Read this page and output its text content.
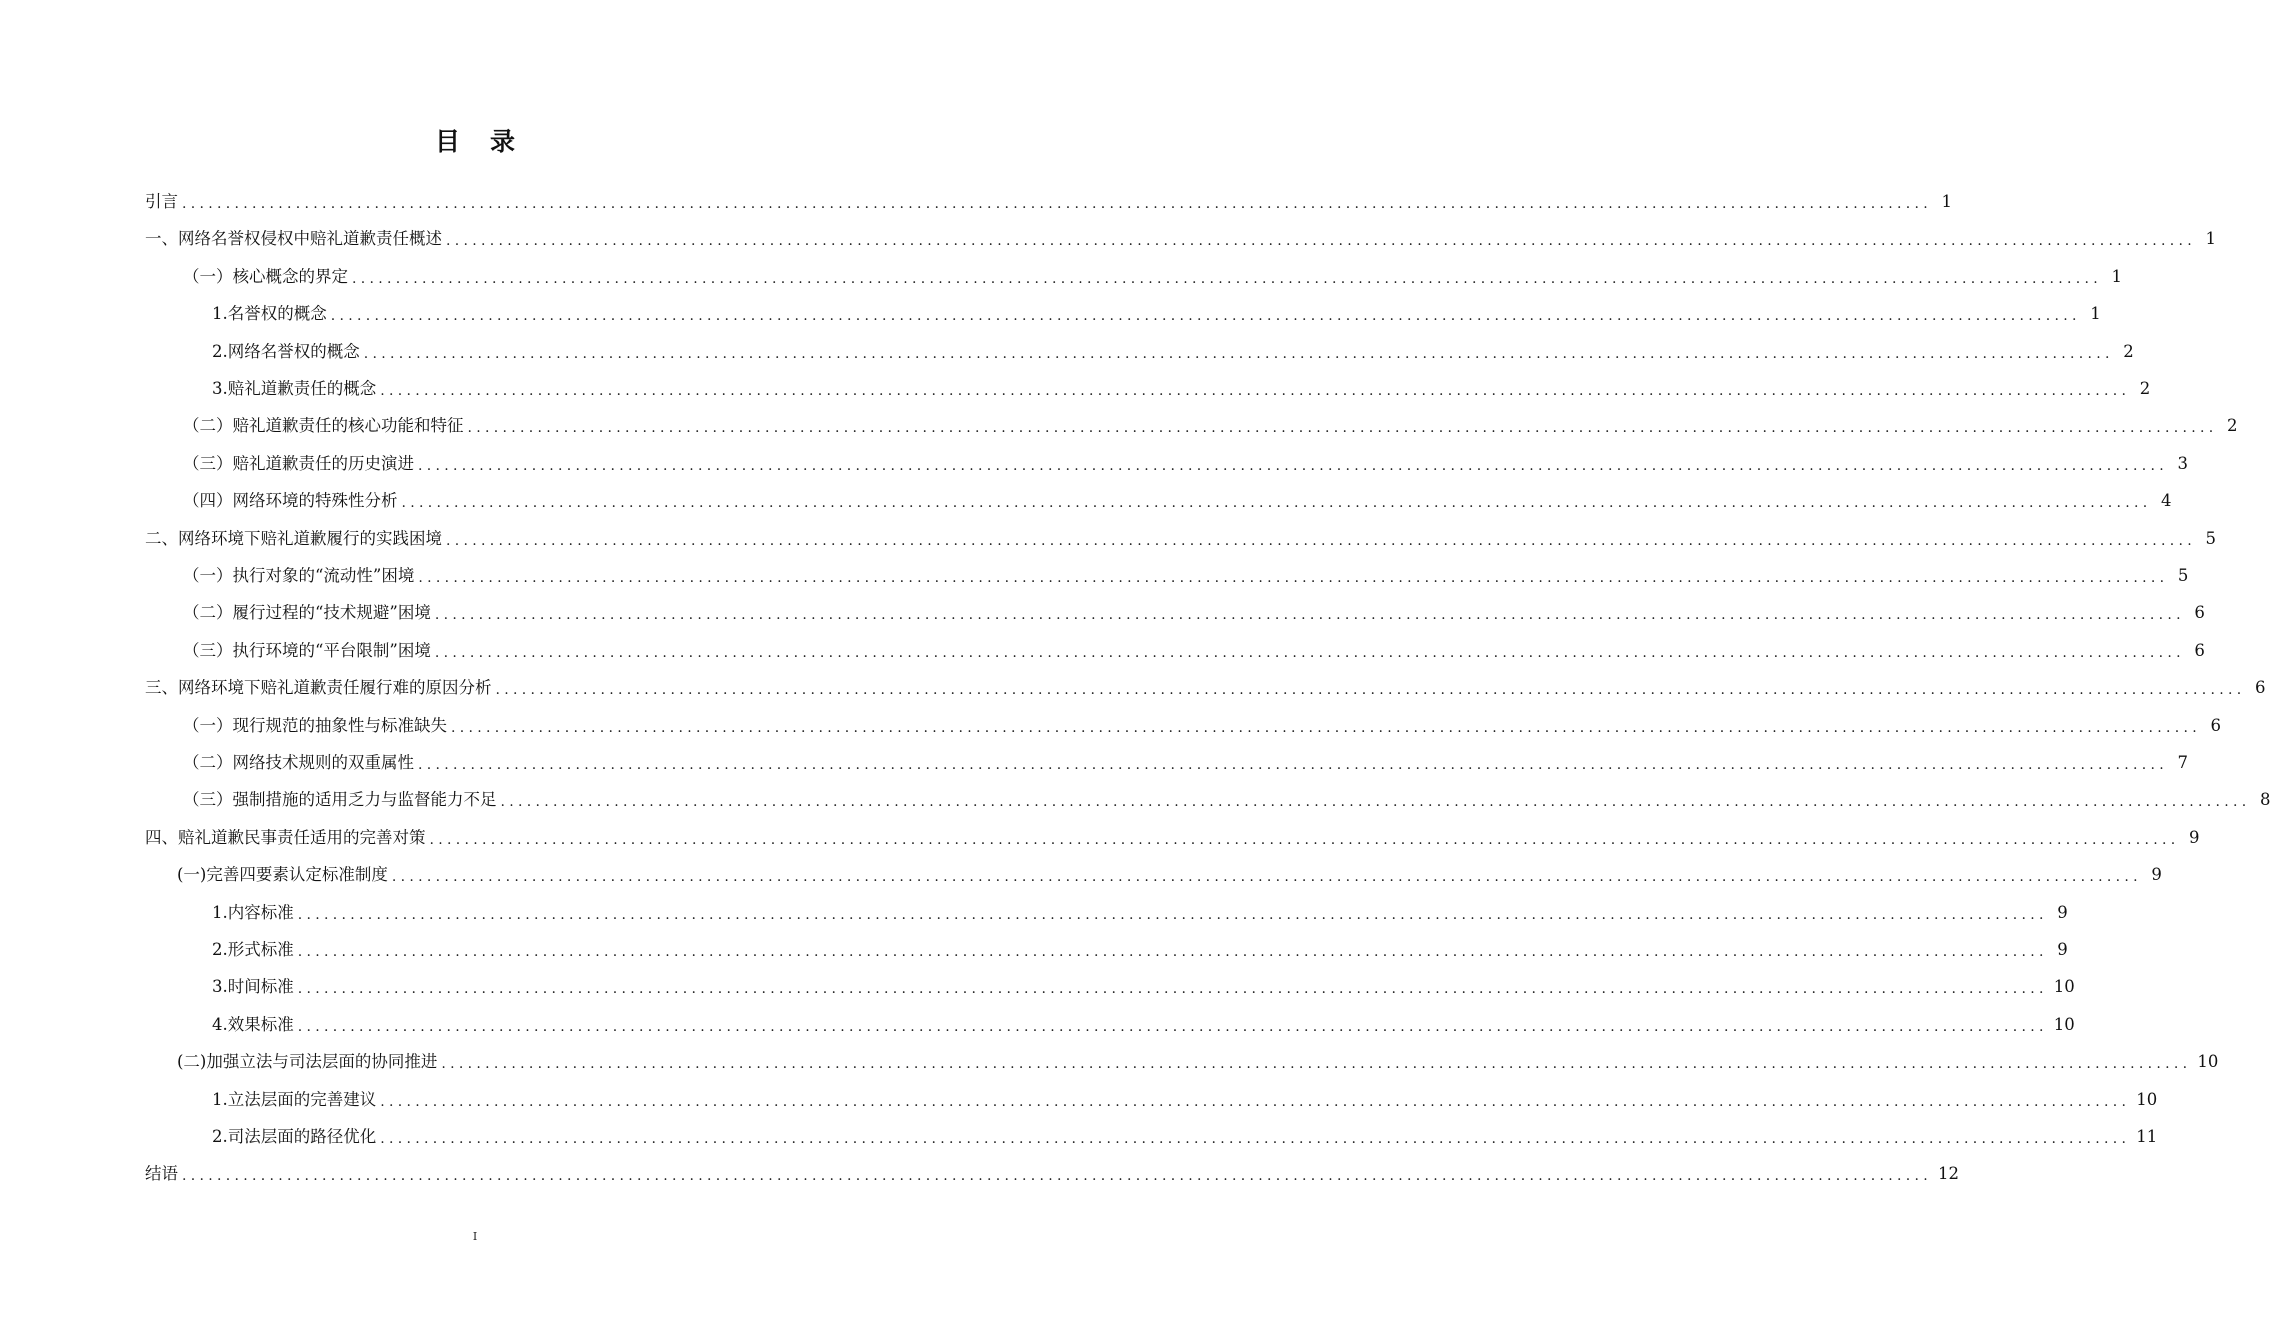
目 录
引言 ........................................................................................................................................................................................................ 1
一、网络名誉权侵权中赔礼道歉责任概述 ........................................................................................................................................................................................................ 1
（一）核心概念的界定 ........................................................................................................................................................................................................ 1
1.名誉权的概念 ........................................................................................................................................................................................................ 1
2.网络名誉权的概念 ........................................................................................................................................................................................................ 2
3.赔礼道歉责任的概念 ........................................................................................................................................................................................................ 2
（二）赔礼道歉责任的核心功能和特征 ........................................................................................................................................................................................................ 2
（三）赔礼道歉责任的历史演进 ........................................................................................................................................................................................................ 3
（四）网络环境的特殊性分析 ........................................................................................................................................................................................................ 4
二、网络环境下赔礼道歉履行的实践困境 ........................................................................................................................................................................................................ 5
（一）执行对象的“流动性”困境 ........................................................................................................................................................................................................ 5
（二）履行过程的“技术规避”困境 ........................................................................................................................................................................................................ 6
（三）执行环境的“平台限制”困境 ........................................................................................................................................................................................................ 6
三、网络环境下赔礼道歉责任履行难的原因分析 ........................................................................................................................................................................................................ 6
（一）现行规范的抽象性与标准缺失 ........................................................................................................................................................................................................ 6
（二）网络技术规则的双重属性 ........................................................................................................................................................................................................ 7
（三）强制措施的适用乏力与监督能力不足 ........................................................................................................................................................................................................ 8
四、赔礼道歉民事责任适用的完善对策 ........................................................................................................................................................................................................ 9
(一)完善四要素认定标准制度 ........................................................................................................................................................................................................ 9
1.内容标准 ........................................................................................................................................................................................................ 9
2.形式标准 ........................................................................................................................................................................................................ 9
3.时间标准 ........................................................................................................................................................................................................ 10
4.效果标准 ........................................................................................................................................................................................................ 10
(二)加强立法与司法层面的协同推进 ........................................................................................................................................................................................................ 10
1.立法层面的完善建议 ........................................................................................................................................................................................................ 10
2.司法层面的路径优化 ........................................................................................................................................................................................................ 11
结语 ........................................................................................................................................................................................................ 12
I
